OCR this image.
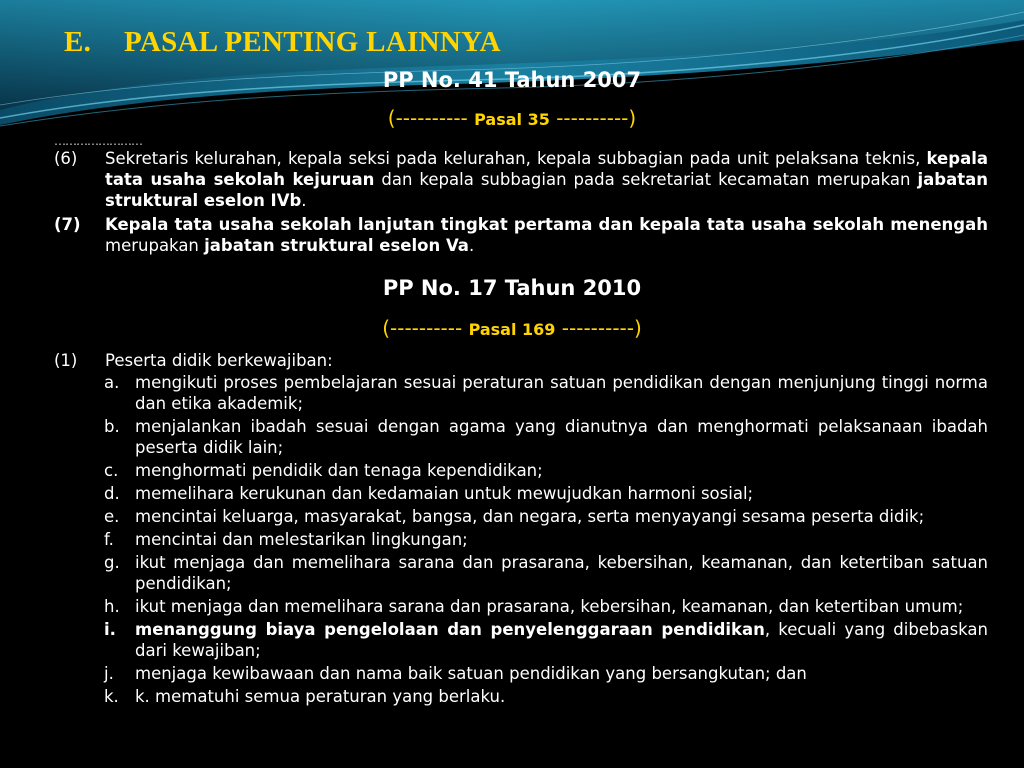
E. PASAL PENTING LAINNYA
PP No. 41 Tahun 2007
(---------- Pasal 35 ----------)
……………………
(6) Sekretaris kelurahan, kepala seksi pada kelurahan, kepala subbagian pada unit pelaksana teknis, kepala tata usaha sekolah kejuruan dan kepala subbagian pada sekretariat kecamatan merupakan jabatan struktural eselon IVb.
(7) Kepala tata usaha sekolah lanjutan tingkat pertama dan kepala tata usaha sekolah menengah merupakan jabatan struktural eselon Va.
PP No. 17 Tahun 2010
(---------- Pasal 169 ----------)
(1) Peserta didik berkewajiban:
a. mengikuti proses pembelajaran sesuai peraturan satuan pendidikan dengan menjunjung tinggi norma dan etika akademik;
b. menjalankan ibadah sesuai dengan agama yang dianutnya dan menghormati pelaksanaan ibadah peserta didik lain;
c. menghormati pendidik dan tenaga kependidikan;
d. memelihara kerukunan dan kedamaian untuk mewujudkan harmoni sosial;
e. mencintai keluarga, masyarakat, bangsa, dan negara, serta menyayangi sesama peserta didik;
f. mencintai dan melestarikan lingkungan;
g. ikut menjaga dan memelihara sarana dan prasarana, kebersihan, keamanan, dan ketertiban satuan pendidikan;
h. ikut menjaga dan memelihara sarana dan prasarana, kebersihan, keamanan, dan ketertiban umum;
i. menanggung biaya pengelolaan dan penyelenggaraan pendidikan, kecuali yang dibebaskan dari kewajiban;
j. menjaga kewibawaan dan nama baik satuan pendidikan yang bersangkutan; dan
k. k. mematuhi semua peraturan yang berlaku.
